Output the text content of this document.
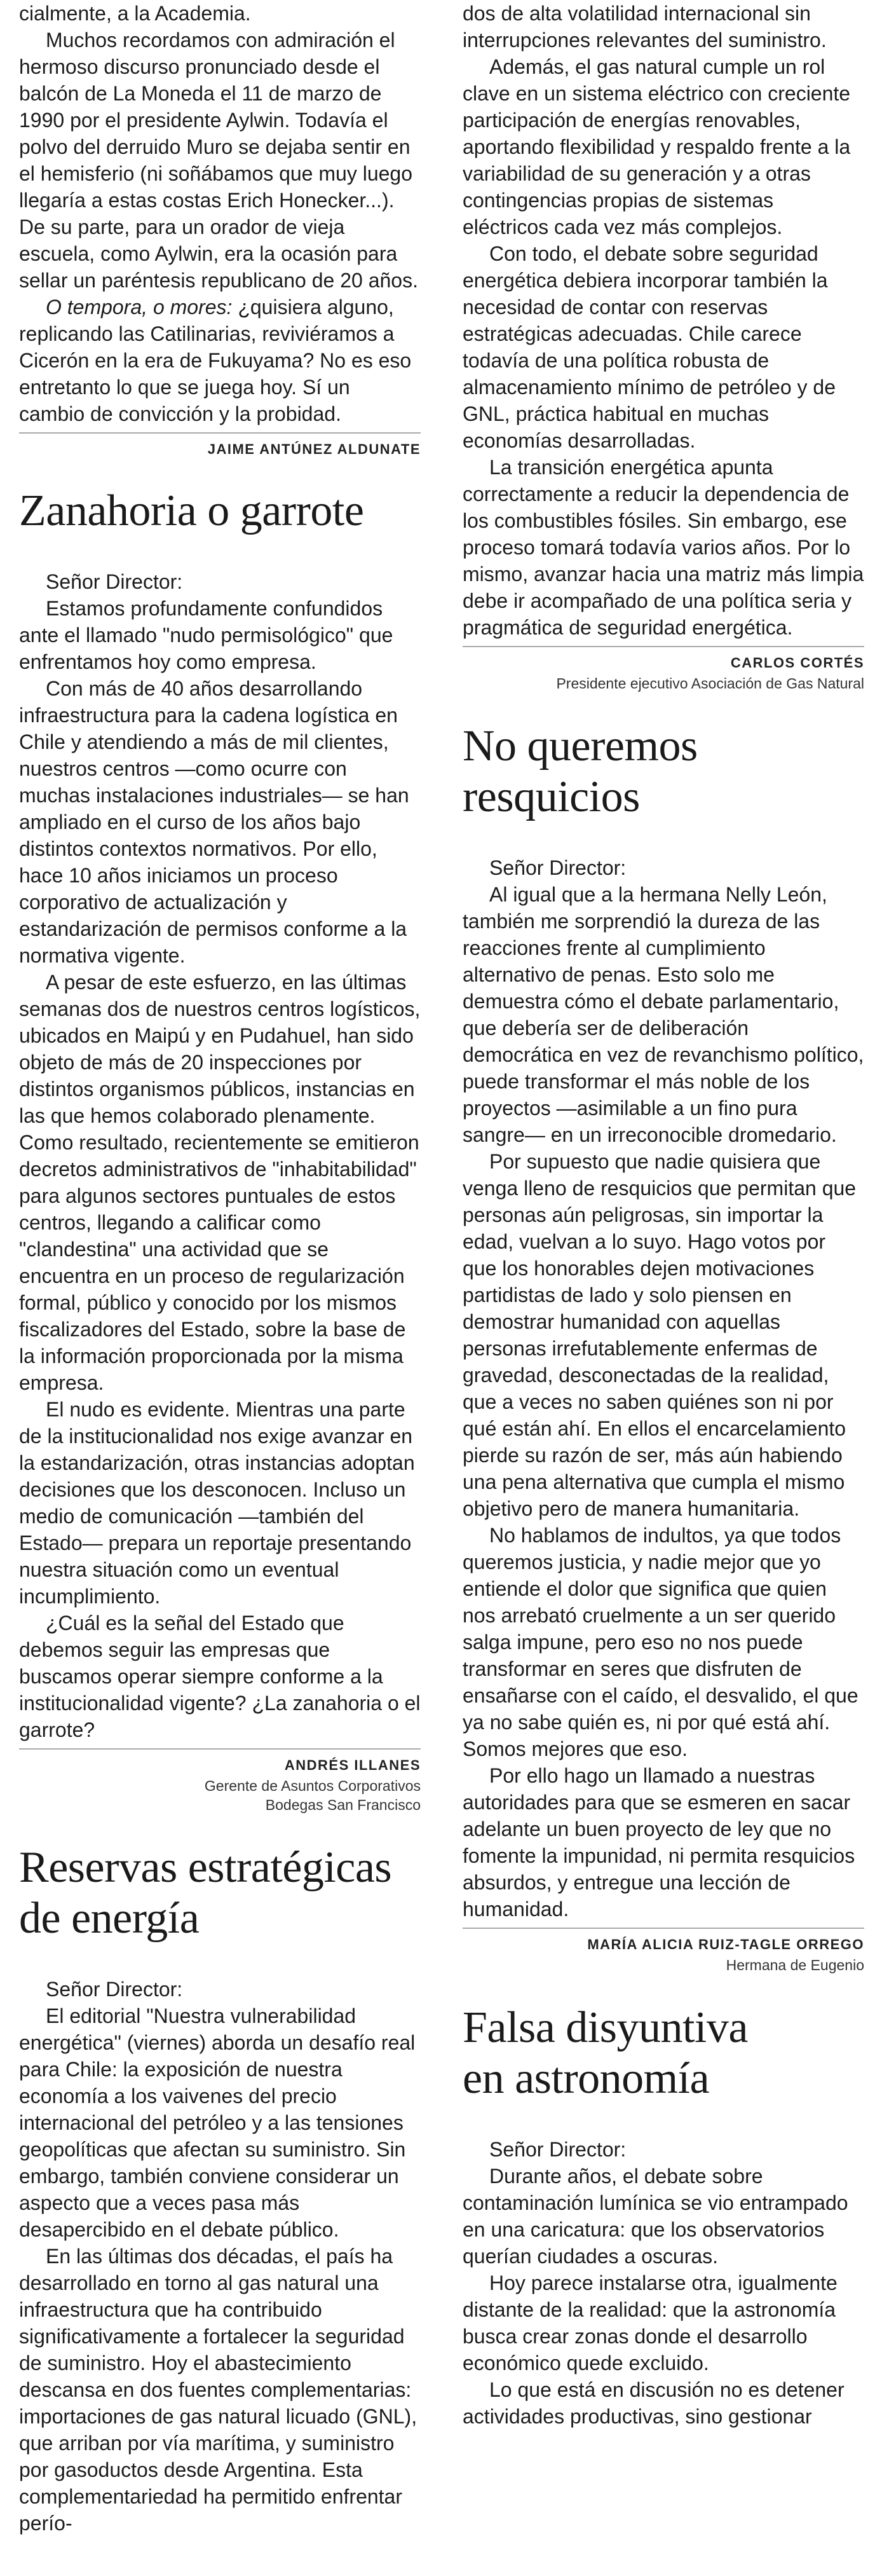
cialmente, a la Academia.

Muchos recordamos con admiración el hermoso discurso pronunciado desde el balcón de La Moneda el 11 de marzo de 1990 por el presidente Aylwin. Todavía el polvo del derruido Muro se dejaba sentir en el hemisferio (ni soñábamos que muy luego llegaría a estas costas Erich Honecker...). De su parte, para un orador de vieja escuela, como Aylwin, era la ocasión para sellar un paréntesis republicano de 20 años.

O tempora, o mores: ¿quisiera alguno, replicando las Catilinarias, reviviéramos a Cicerón en la era de Fukuyama? No es eso entretanto lo que se juega hoy. Sí un cambio de convicción y la probidad.

JAIME ANTÚNEZ ALDUNATE

Zanahoria o garrote

Señor Director:

Estamos profundamente confundidos ante el llamado "nudo permisológico" que enfrentamos hoy como empresa.

Con más de 40 años desarrollando infraestructura para la cadena logística en Chile y atendiendo a más de mil clientes, nuestros centros —como ocurre con muchas instalaciones industriales— se han ampliado en el curso de los años bajo distintos contextos normativos. Por ello, hace 10 años iniciamos un proceso corporativo de actualización y estandarización de permisos conforme a la normativa vigente.

A pesar de este esfuerzo, en las últimas semanas dos de nuestros centros logísticos, ubicados en Maipú y en Pudahuel, han sido objeto de más de 20 inspecciones por distintos organismos públicos, instancias en las que hemos colaborado plenamente. Como resultado, recientemente se emitieron decretos administrativos de "inhabitabilidad" para algunos sectores puntuales de estos centros, llegando a calificar como "clandestina" una actividad que se encuentra en un proceso de regularización formal, público y conocido por los mismos fiscalizadores del Estado, sobre la base de la información proporcionada por la misma empresa.

El nudo es evidente. Mientras una parte de la institucionalidad nos exige avanzar en la estandarización, otras instancias adoptan decisiones que los desconocen. Incluso un medio de comunicación —también del Estado— prepara un reportaje presentando nuestra situación como un eventual incumplimiento.

¿Cuál es la señal del Estado que debemos seguir las empresas que buscamos operar siempre conforme a la institucionalidad vigente? ¿La zanahoria o el garrote?

ANDRÉS ILLANES

Gerente de Asuntos Corporativos

Bodegas San Francisco

Reservas estratégicas
de energía

Señor Director:

El editorial "Nuestra vulnerabilidad energética" (viernes) aborda un desafío real para Chile: la exposición de nuestra economía a los vaivenes del precio internacional del petróleo y a las tensiones geopolíticas que afectan su suministro. Sin embargo, también conviene considerar un aspecto que a veces pasa más desapercibido en el debate público.

En las últimas dos décadas, el país ha desarrollado en torno al gas natural una infraestructura que ha contribuido significativamente a fortalecer la seguridad de suministro. Hoy el abastecimiento descansa en dos fuentes complementarias: importaciones de gas natural licuado (GNL), que arriban por vía marítima, y suministro por gasoductos desde Argentina. Esta complementariedad ha permitido enfrentar perío-

dos de alta volatilidad internacional sin interrupciones relevantes del suministro.

Además, el gas natural cumple un rol clave en un sistema eléctrico con creciente participación de energías renovables, aportando flexibilidad y respaldo frente a la variabilidad de su generación y a otras contingencias propias de sistemas eléctricos cada vez más complejos.

Con todo, el debate sobre seguridad energética debiera incorporar también la necesidad de contar con reservas estratégicas adecuadas. Chile carece todavía de una política robusta de almacenamiento mínimo de petróleo y de GNL, práctica habitual en muchas economías desarrolladas.

La transición energética apunta correctamente a reducir la dependencia de los combustibles fósiles. Sin embargo, ese proceso tomará todavía varios años. Por lo mismo, avanzar hacia una matriz más limpia debe ir acompañado de una política seria y pragmática de seguridad energética.

CARLOS CORTÉS

Presidente ejecutivo Asociación de Gas Natural

No queremos
resquicios

Señor Director:

Al igual que a la hermana Nelly León, también me sorprendió la dureza de las reacciones frente al cumplimiento alternativo de penas. Esto solo me demuestra cómo el debate parlamentario, que debería ser de deliberación democrática en vez de revanchismo político, puede transformar el más noble de los proyectos —asimilable a un fino pura sangre— en un irreconocible dromedario.

Por supuesto que nadie quisiera que venga lleno de resquicios que permitan que personas aún peligrosas, sin importar la edad, vuelvan a lo suyo. Hago votos por que los honorables dejen motivaciones partidistas de lado y solo piensen en demostrar humanidad con aquellas personas irrefutablemente enfermas de gravedad, desconectadas de la realidad, que a veces no saben quiénes son ni por qué están ahí. En ellos el encarcelamiento pierde su razón de ser, más aún habiendo una pena alternativa que cumpla el mismo objetivo pero de manera humanitaria.

No hablamos de indultos, ya que todos queremos justicia, y nadie mejor que yo entiende el dolor que significa que quien nos arrebató cruelmente a un ser querido salga impune, pero eso no nos puede transformar en seres que disfruten de ensañarse con el caído, el desvalido, el que ya no sabe quién es, ni por qué está ahí. Somos mejores que eso.

Por ello hago un llamado a nuestras autoridades para que se esmeren en sacar adelante un buen proyecto de ley que no fomente la impunidad, ni permita resquicios absurdos, y entregue una lección de humanidad.

MARÍA ALICIA RUIZ-TAGLE ORREGO

Hermana de Eugenio

Falsa disyuntiva
en astronomía

Señor Director:

Durante años, el debate sobre contaminación lumínica se vio entrampado en una caricatura: que los observatorios querían ciudades a oscuras.

Hoy parece instalarse otra, igualmente distante de la realidad: que la astronomía busca crear zonas donde el desarrollo económico quede excluido.

Lo que está en discusión no es detener actividades productivas, sino gestionar
